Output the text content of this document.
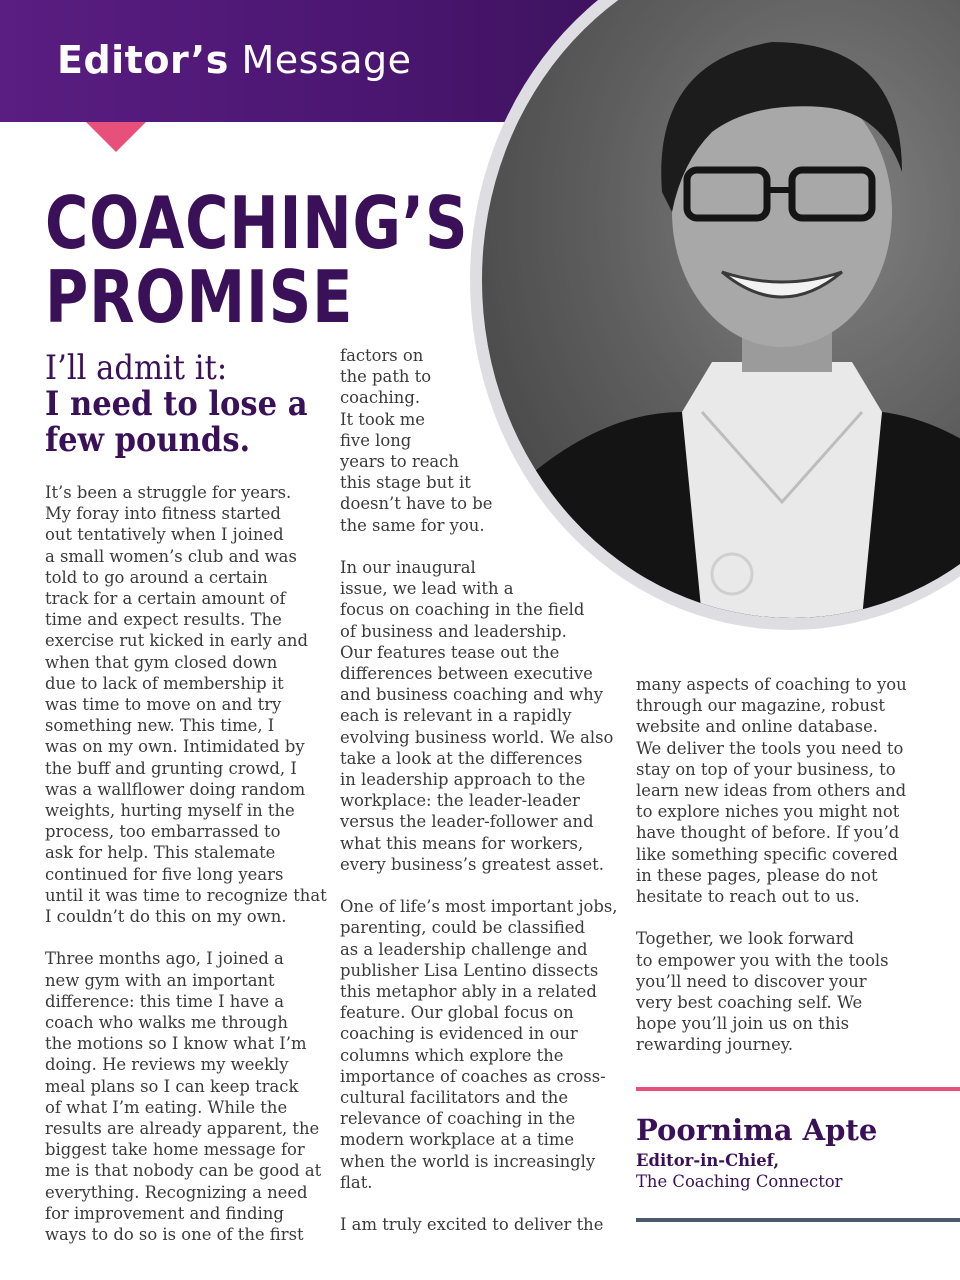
Editor’s Message
COACHING’S
PROMISE
I’ll admit it:
I need to lose a
few pounds.

It’s been a struggle for years.
My foray into fitness started
out tentatively when I joined
a small women’s club and was
told to go around a certain
track for a certain amount of
time and expect results. The
exercise rut kicked in early and
when that gym closed down
due to lack of membership it
was time to move on and try
something new. This time, I
was on my own. Intimidated by
the buff and grunting crowd, I
was a wallflower doing random
weights, hurting myself in the
process, too embarrassed to
ask for help. This stalemate
continued for five long years
until it was time to recognize that
I couldn’t do this on my own.

Three months ago, I joined a
new gym with an important
difference: this time I have a
coach who walks me through
the motions so I know what I’m
doing. He reviews my weekly
meal plans so I can keep track
of what I’m eating. While the
results are already apparent, the
biggest take home message for
me is that nobody can be good at
everything. Recognizing a need
for improvement and finding
ways to do so is one of the first

factors on
the path to
coaching.
It took me
five long
years to reach
this stage but it
doesn’t have to be
the same for you.

In our inaugural
issue, we lead with a
focus on coaching in the field
of business and leadership.
Our features tease out the
differences between executive
and business coaching and why
each is relevant in a rapidly
evolving business world. We also
take a look at the differences
in leadership approach to the
workplace: the leader-leader
versus the leader-follower and
what this means for workers,
every business’s greatest asset.

One of life’s most important jobs,
parenting, could be classified
as a leadership challenge and
publisher Lisa Lentino dissects
this metaphor ably in a related
feature. Our global focus on
coaching is evidenced in our
columns which explore the
importance of coaches as cross-
cultural facilitators and the
relevance of coaching in the
modern workplace at a time
when the world is increasingly
flat.

I am truly excited to deliver the

many aspects of coaching to you
through our magazine, robust
website and online database.
We deliver the tools you need to
stay on top of your business, to
learn new ideas from others and
to explore niches you might not
have thought of before. If you’d
like something specific covered
in these pages, please do not
hesitate to reach out to us.

Together, we look forward
to empower you with the tools
you’ll need to discover your
very best coaching self. We
hope you’ll join us on this
rewarding journey.

Poornima Apte
Editor-in-Chief,
The Coaching Connector
